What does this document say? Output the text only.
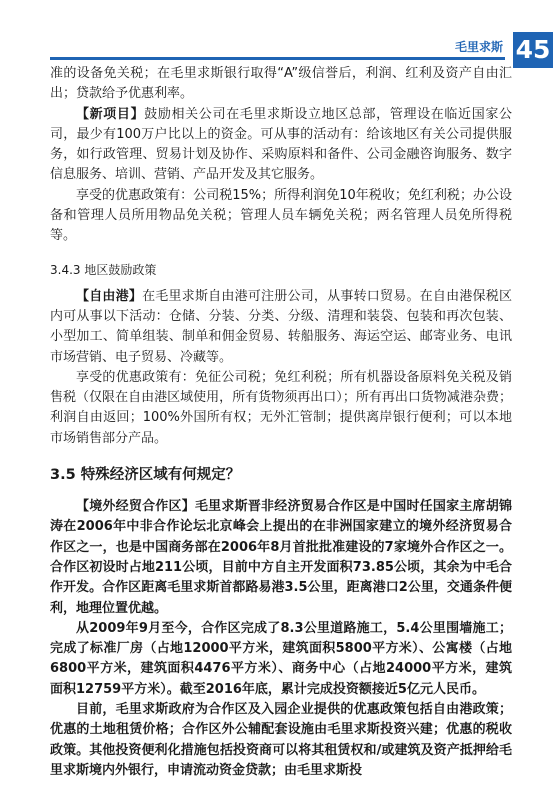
毛里求斯 45

准的设备免关税；在毛里求斯银行取得“A”级信誉后，利润、红利及资产自由汇出；贷款给予优惠利率。

【新项目】鼓励相关公司在毛里求斯设立地区总部，管理设在临近国家公司，最少有100万户比以上的资金。可从事的活动有：给该地区有关公司提供服务，如行政管理、贸易计划及协作、采购原料和备件、公司金融咨询服务、数字信息服务、培训、营销、产品开发及其它服务。

享受的优惠政策有：公司税15%；所得利润免10年税收；免红利税；办公设备和管理人员所用物品免关税；管理人员车辆免关税；两名管理人员免所得税等。

3.4.3 地区鼓励政策

【自由港】在毛里求斯自由港可注册公司，从事转口贸易。在自由港保税区内可从事以下活动：仓储、分装、分类、分级、清理和装袋、包装和再次包装、小型加工、简单组装、制单和佣金贸易、转船服务、海运空运、邮寄业务、电讯市场营销、电子贸易、冷藏等。

享受的优惠政策有：免征公司税；免红利税；所有机器设备原料免关税及销售税（仅限在自由港区域使用，所有货物须再出口）；所有再出口货物减港杂费；利润自由返回；100%外国所有权；无外汇管制；提供离岸银行便利；可以本地市场销售部分产品。

3.5 特殊经济区域有何规定？

【境外经贸合作区】毛里求斯晋非经济贸易合作区是中国时任国家主席胡锦涛在2006年中非合作论坛北京峰会上提出的在非洲国家建立的境外经济贸易合作区之一，也是中国商务部在2006年8月首批批准建设的7家境外合作区之一。合作区初设时占地211公顷，目前中方自主开发面积73.85公顷，其余为中毛合作开发。合作区距离毛里求斯首都路易港3.5公里，距离港口2公里，交通条件便利，地理位置优越。

从2009年9月至今，合作区完成了8.3公里道路施工，5.4公里围墙施工；完成了标准厂房（占地12000平方米，建筑面积5800平方米）、公寓楼（占地6800平方米，建筑面积4476平方米）、商务中心（占地24000平方米，建筑面积12759平方米）。截至2016年底，累计完成投资额接近5亿元人民币。

目前，毛里求斯政府为合作区及入园企业提供的优惠政策包括自由港政策；优惠的土地租赁价格；合作区外公辅配套设施由毛里求斯投资兴建；优惠的税收政策。其他投资便利化措施包括投资商可以将其租赁权和/或建筑及资产抵押给毛里求斯境内外银行，申请流动资金贷款；由毛里求斯投
